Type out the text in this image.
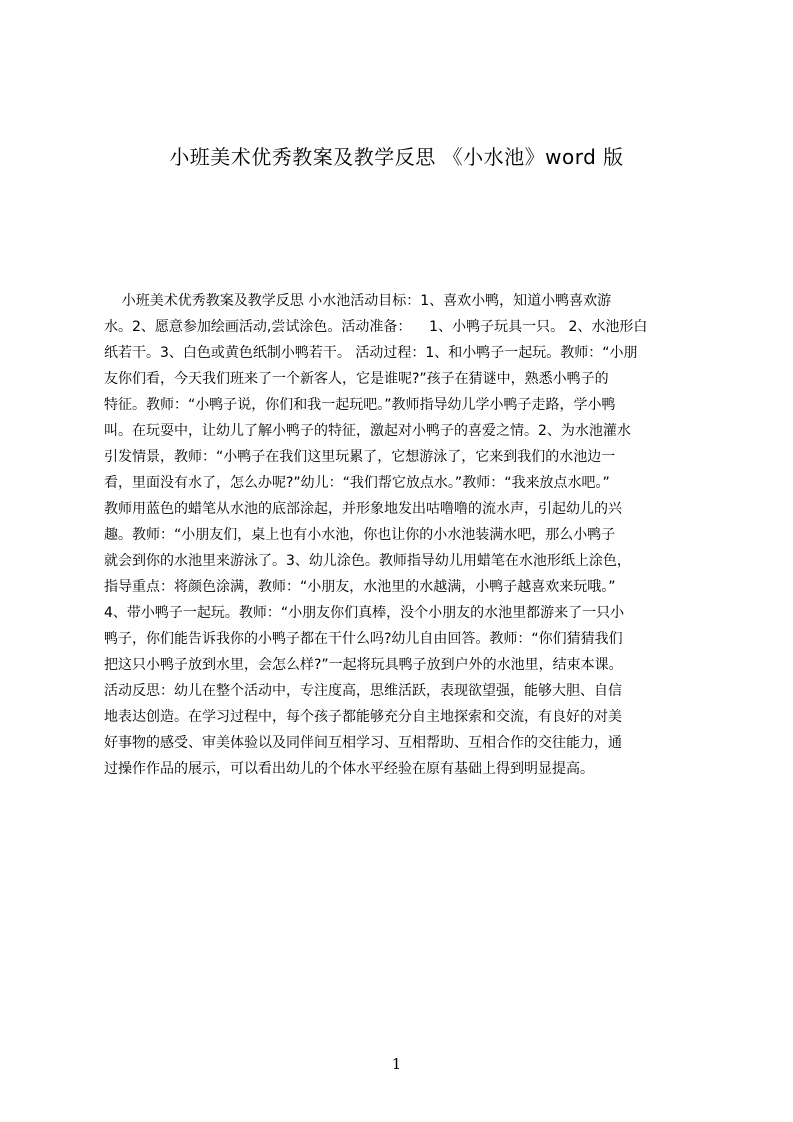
小班美术优秀教案及教学反思 《小水池》word 版
小班美术优秀教案及教学反思 小水池活动目标：1、喜欢小鸭，知道小鸭喜欢游
水。2、愿意参加绘画活动,尝试涂色。活动准备：    1、小鸭子玩具一只。 2、水池形白
纸若干。3、白色或黄色纸制小鸭若干。 活动过程：1、和小鸭子一起玩。教师：“小朋
友你们看，今天我们班来了一个新客人，它是谁呢?”孩子在猜谜中，熟悉小鸭子的
特征。教师：“小鸭子说，你们和我一起玩吧。”教师指导幼儿学小鸭子走路，学小鸭
叫。在玩耍中，让幼儿了解小鸭子的特征，激起对小鸭子的喜爱之情。2、为水池灌水
引发情景，教师：“小鸭子在我们这里玩累了，它想游泳了，它来到我们的水池边一
看，里面没有水了，怎么办呢?”幼儿：“我们帮它放点水。”教师：“我来放点水吧。”
教师用蓝色的蜡笔从水池的底部涂起，并形象地发出咕噜噜的流水声，引起幼儿的兴
趣。教师：“小朋友们，桌上也有小水池，你也让你的小水池装满水吧，那么小鸭子
就会到你的水池里来游泳了。3、幼儿涂色。教师指导幼儿用蜡笔在水池形纸上涂色，
指导重点：将颜色涂满，教师：“小朋友，水池里的水越满，小鸭子越喜欢来玩哦。”
4、带小鸭子一起玩。教师：“小朋友你们真棒，没个小朋友的水池里都游来了一只小
鸭子，你们能告诉我你的小鸭子都在干什么吗?幼儿自由回答。教师：“你们猜猜我们
把这只小鸭子放到水里，会怎么样?”一起将玩具鸭子放到户外的水池里，结束本课。
活动反思：幼儿在整个活动中，专注度高，思维活跃，表现欲望强，能够大胆、自信
地表达创造。在学习过程中，每个孩子都能够充分自主地探索和交流，有良好的对美
好事物的感受、审美体验以及同伴间互相学习、互相帮助、互相合作的交往能力，通
过操作作品的展示，可以看出幼儿的个体水平经验在原有基础上得到明显提高。
1
